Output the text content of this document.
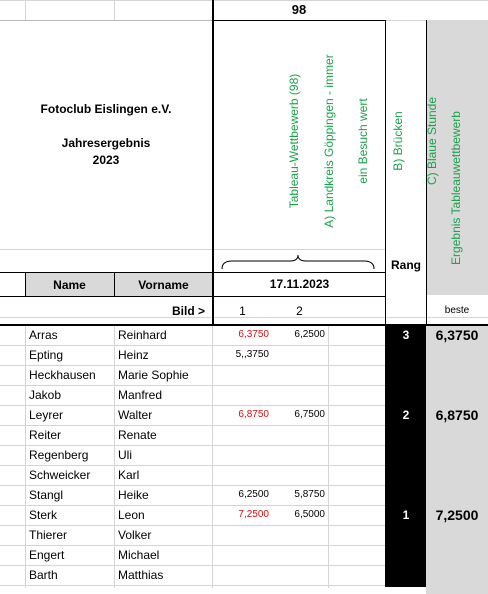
98
Fotoclub Eislingen e.V.
Jahresergebnis
2023

	Tableau-Wettbewerb (98)

A) Landkreis Göppingen - immer

ein Besuch wert

B) Brücken

C) Blaue Stunde Ergebnis Tableauwettbewerb
Rang
17.11.2023
Name	Vorname
Bild >	1	2	beste
Arras	Reinhard	6,3750	6,2500	3	6,3750
Epting	Heinz	5,,3750
Heckhausen	Marie Sophie
Jakob	Manfred
Leyrer	Walter	6,8750	6,7500	2	6,8750
Reiter	Renate
Regenberg	Uli
Schweicker	Karl
Stangl	Heike	6,2500	5,8750
Sterk	Leon	7,2500	6,5000	1	7,2500
Thierer	Volker
Engert	Michael
Barth	Matthias
